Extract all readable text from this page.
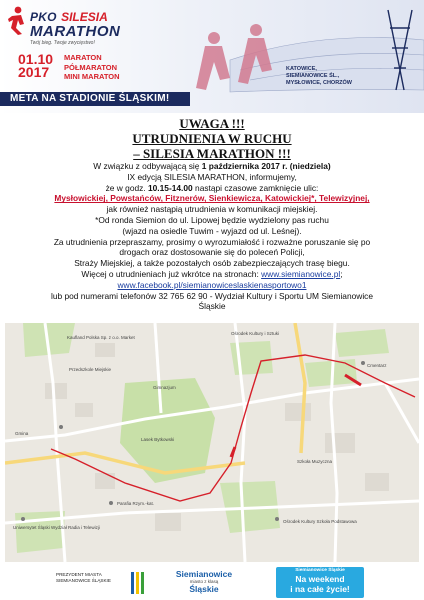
PKO SILESIA
MARATHON
Twój bieg. Twoje zwycięstwo!
01.10
2017
MARATON
PÓŁMARATON
MINI MARATON
KATOWICE,
SIEMIANOWICE ŚL.,
MYSŁOWICE, CHORZÓW
META NA STADIONIE ŚLĄSKIM!

UWAGA !!!

UTRUDNIENIA W RUCHU

– SILESIA MARATHON !!!

W związku z odbywającą się 1 października 2017 r. (niedziela)

IX edycją SILESIA MARATHON, informujemy,

że w godz. 10.15-14.00 nastąpi czasowe zamknięcie ulic:

Mysłowickiej, Powstańców, Fitznerów, Sienkiewicza, Katowickiej*, Telewizyjnej,

jak również nastąpią utrudnienia w komunikacji miejskiej.

*Od ronda Siemion do ul. Lipowej będzie wydzielony pas ruchu

(wjazd na osiedle Tuwim - wyjazd od ul. Leśnej).

Za utrudnienia przepraszamy, prosimy o wyrozumiałość i rozważne poruszanie się po

drogach oraz dostosowanie się do poleceń Policji,

Straży Miejskiej, a także pozostałych osób zabezpieczających trasę biegu.

Więcej o utrudnieniach już wkrótce na stronach: www.siemianowice.pl;

www.facebook.pl/siemianowiceslaskienasportowo1

lub pod numerami telefonów 32 765 62 90 - Wydział Kultury i Sportu UM Siemianowice

Śląskie

Kaufland Polska Sp. z o.o. Market
Przedszkole Miejskie
Lasek Bytkowski
Gmina
Uniwersytet Śląski Wydział Radia i Telewizji
Szkoła Muzyczna
Parafia Rzym.-kat.
Ośrodek Kultury Szkoła Podstawowa
Gimnazjum
Ośrodek Kultury i Sztuki
Cmentarz
PREZYDENT MIASTA
SIEMIANOWICE ŚLĄSKIE
Siemianowice
miasto z klasą
Śląskie
Siemianowice Śląskie
Na weekend
i na całe życie!
